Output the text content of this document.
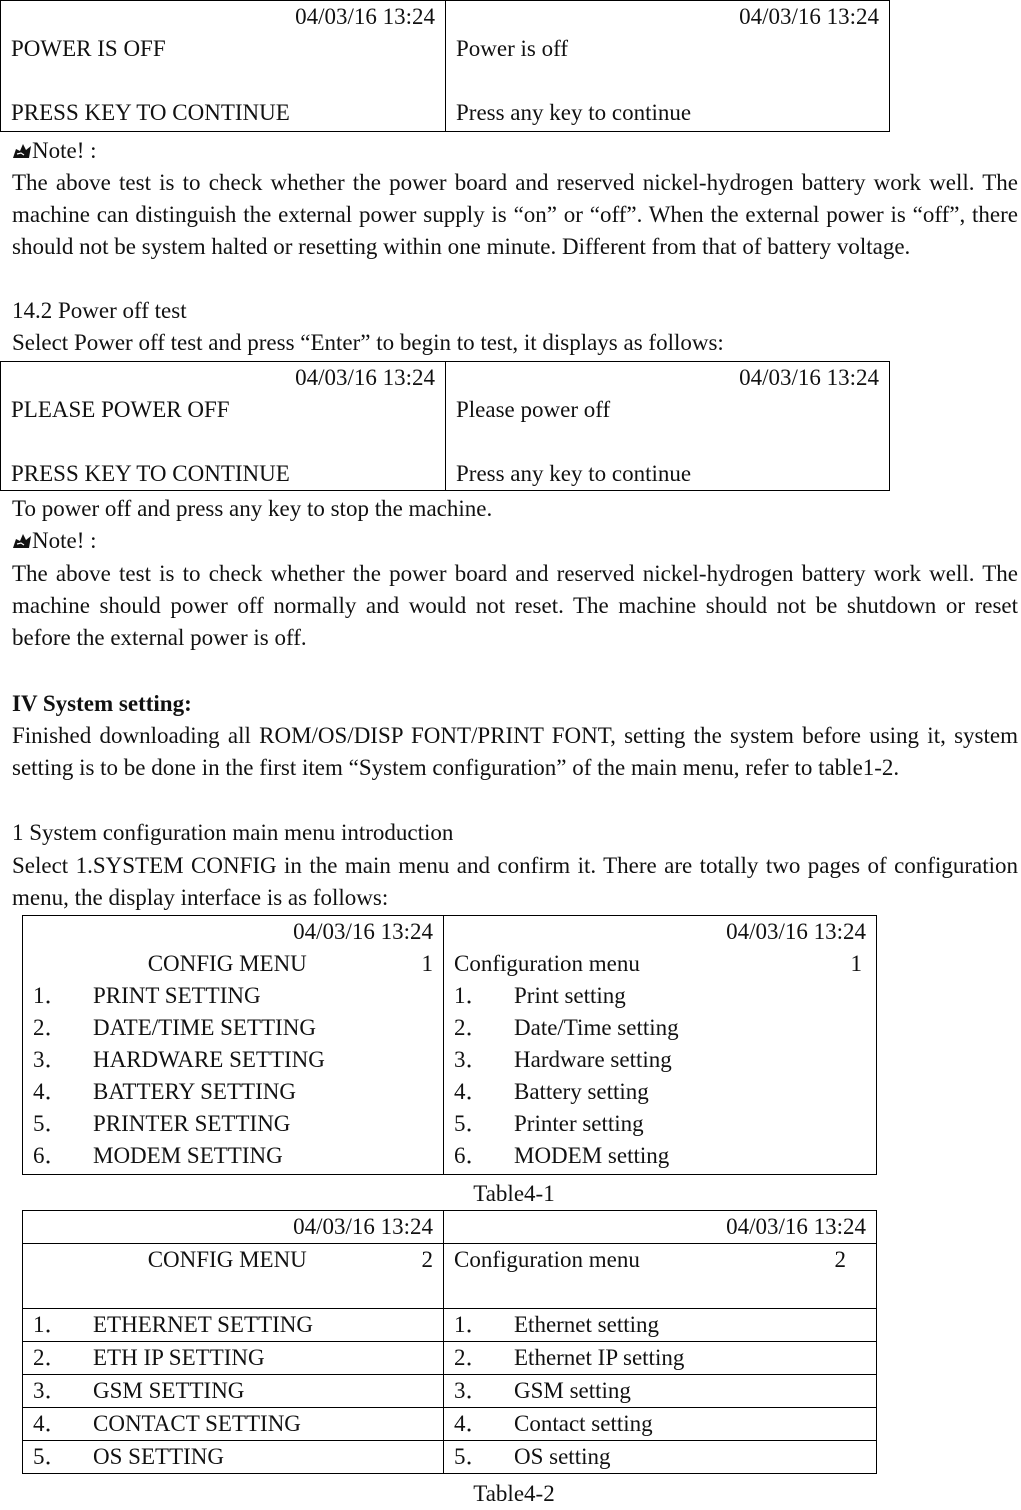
04/03/16 13:24
POWER IS OFF
PRESS KEY TO CONTINUE

04/03/16 13:24
Power is off
Press any key to continue
Note! :
The above test is to check whether the power board and reserved nickel-hydrogen battery work well. The machine can distinguish the external power supply is “on” or “off”. When the external power is “off”, there should not be system halted or resetting within one minute. Different from that of battery voltage.
14.2 Power off test
Select Power off test and press “Enter” to begin to test, it displays as follows:
04/03/16 13:24
PLEASE POWER OFF
PRESS KEY TO CONTINUE

04/03/16 13:24
Please power off
Press any key to continue
To power off and press any key to stop the machine.
Note! :
The above test is to check whether the power board and reserved nickel-hydrogen battery work well. The machine should power off normally and would not reset. The machine should not be shutdown or reset before the external power is off.
IV System setting:
Finished downloading all ROM/OS/DISP FONT/PRINT FONT, setting the system before using it, system setting is to be done in the first item “System configuration” of the main menu, refer to table1-2.
1 System configuration main menu introduction
Select 1.SYSTEM CONFIG in the main menu and confirm it. There are totally two pages of configuration menu, the display interface is as follows:
04/03/16 13:24
CONFIG MENU	1
1． PRINT SETTING
2． DATE/TIME SETTING
3． HARDWARE SETTING
4． BATTERY SETTING
5． PRINTER SETTING
6． MODEM SETTING

04/03/16 13:24
Configuration menu	1
1． Print setting
2． Date/Time setting
3． Hardware setting
4． Battery setting
5． Printer setting
6． MODEM setting
Table4-1
04/03/16 13:24	04/03/16 13:24

CONFIG MENU 2	Configuration menu 2

1． ETHERNET SETTING	1． Ethernet setting
2． ETH IP SETTING	2． Ethernet IP setting
3． GSM SETTING	3． GSM setting
4． CONTACT SETTING	4． Contact setting
5． OS SETTING	5． OS setting
Table4-2
